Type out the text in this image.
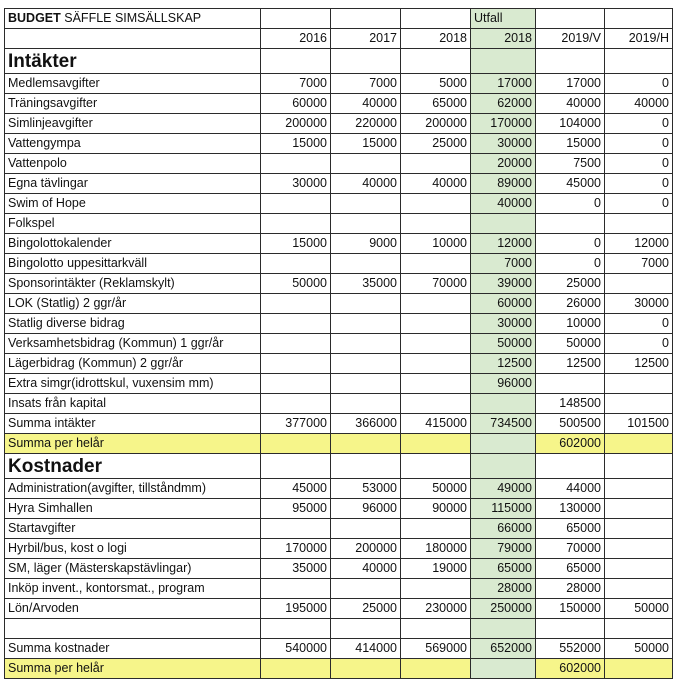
BUDGET SÄFFLE SIMSÄLLSKAP				Utfall		
	2016	2017	2018	2018	2019/V	2019/H
Intäkter						
Medlemsavgifter	7000	7000	5000	17000	17000	0
Träningsavgifter	60000	40000	65000	62000	40000	40000
Simlinjeavgifter	200000	220000	200000	170000	104000	0
Vattengympa	15000	15000	25000	30000	15000	0
Vattenpolo				20000	7500	0
Egna tävlingar	30000	40000	40000	89000	45000	0
Swim of Hope				40000	0	0
Folkspel						
Bingolottokalender	15000	9000	10000	12000	0	12000
Bingolotto uppesittarkväll				7000	0	7000
Sponsorintäkter (Reklamskylt)	50000	35000	70000	39000	25000	
LOK (Statlig) 2 ggr/år				60000	26000	30000
Statlig diverse bidrag				30000	10000	0
Verksamhetsbidrag (Kommun) 1 ggr/år				50000	50000	0
Lägerbidrag (Kommun) 2 ggr/år				12500	12500	12500
Extra simgr(idrottskul, vuxensim mm)				96000		
Insats från kapital					148500	
Summa intäkter	377000	366000	415000	734500	500500	101500
Summa per helår					602000	
Kostnader						
Administration(avgifter, tillståndmm)	45000	53000	50000	49000	44000	
Hyra Simhallen	95000	96000	90000	115000	130000	
Startavgifter				66000	65000	
Hyrbil/bus, kost o logi	170000	200000	180000	79000	70000	
SM, läger (Mästerskapstävlingar)	35000	40000	19000	65000	65000	
Inköp invent., kontorsmat., program				28000	28000	
Lön/Arvoden	195000	25000	230000	250000	150000	50000

Summa kostnader	540000	414000	569000	652000	552000	50000
Summa per helår					602000	
